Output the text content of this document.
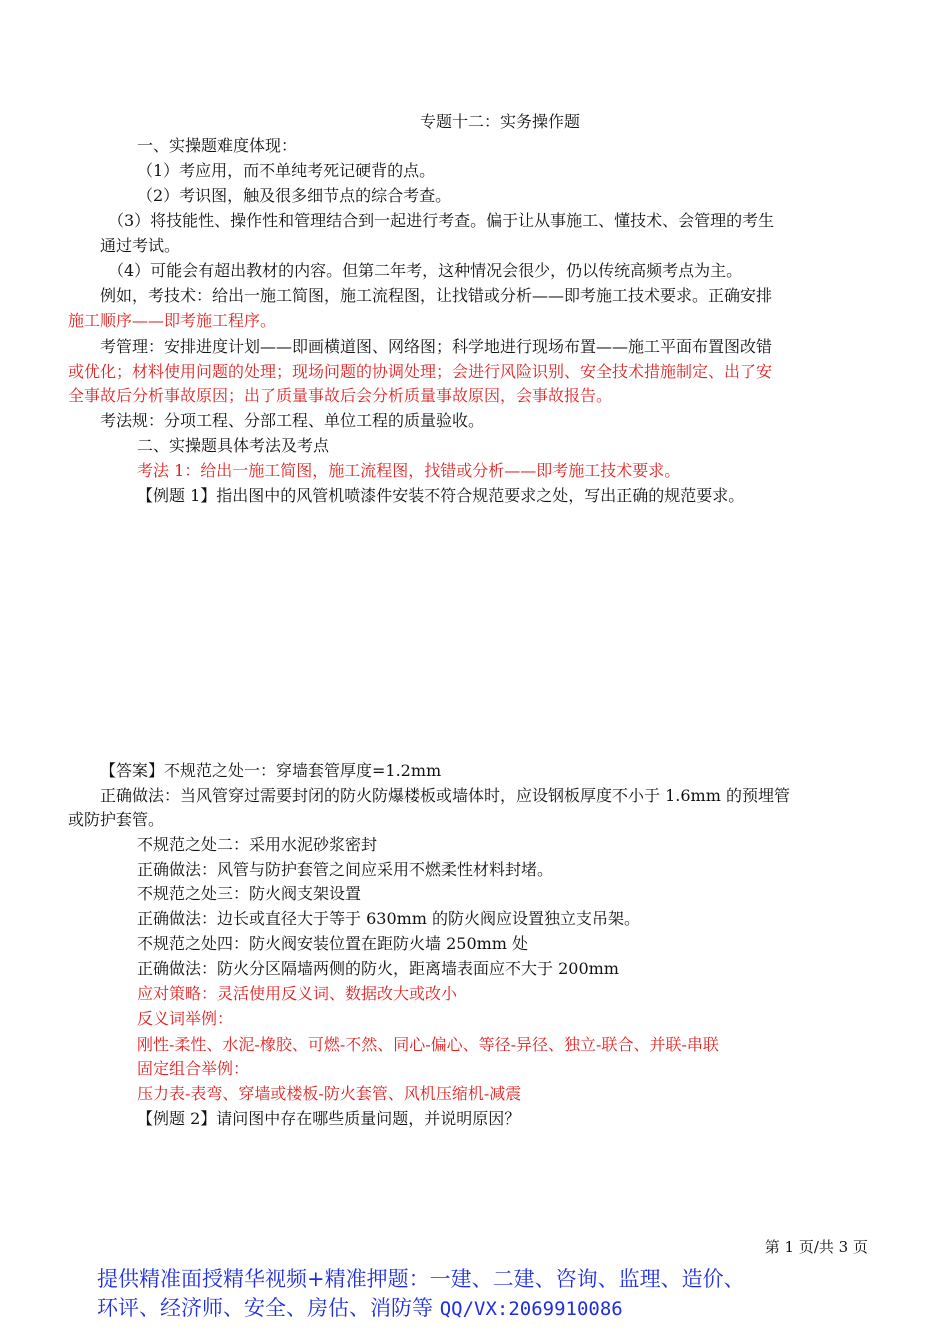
专题十二：实务操作题
一、实操题难度体现：
（1）考应用，而不单纯考死记硬背的点。
（2）考识图，触及很多细节点的综合考查。
（3）将技能性、操作性和管理结合到一起进行考查。偏于让从事施工、懂技术、会管理的考生
通过考试。
（4）可能会有超出教材的内容。但第二年考，这种情况会很少，仍以传统高频考点为主。
例如，考技术：给出一施工简图，施工流程图，让找错或分析——即考施工技术要求。正确安排
施工顺序——即考施工程序。
考管理：安排进度计划——即画横道图、网络图；科学地进行现场布置——施工平面布置图改错
或优化；材料使用问题的处理；现场问题的协调处理；会进行风险识别、安全技术措施制定、出了安
全事故后分析事故原因；出了质量事故后会分析质量事故原因，会事故报告。
考法规：分项工程、分部工程、单位工程的质量验收。
二、实操题具体考法及考点
考法 1：给出一施工简图，施工流程图，找错或分析——即考施工技术要求。
【例题 1】指出图中的风管机喷漆件安装不符合规范要求之处，写出正确的规范要求。
【答案】不规范之处一：穿墙套管厚度=1.2mm
正确做法：当风管穿过需要封闭的防火防爆楼板或墙体时，应设钢板厚度不小于 1.6mm 的预埋管
或防护套管。
不规范之处二：采用水泥砂浆密封
正确做法：风管与防护套管之间应采用不燃柔性材料封堵。
不规范之处三：防火阀支架设置
正确做法：边长或直径大于等于 630mm 的防火阀应设置独立支吊架。
不规范之处四：防火阀安装位置在距防火墙 250mm 处
正确做法：防火分区隔墙两侧的防火，距离墙表面应不大于 200mm
应对策略：灵活使用反义词、数据改大或改小
反义词举例：
刚性-柔性、水泥-橡胶、可燃-不然、同心-偏心、等径-异径、独立-联合、并联-串联
固定组合举例：
压力表-表弯、穿墙或楼板-防火套管、风机压缩机-减震
【例题 2】请问图中存在哪些质量问题，并说明原因？
第 1 页/共 3 页
提供精准面授精华视频+精准押题：一建、二建、咨询、监理、造价、
环评、经济师、安全、房估、消防等 QQ/VX:2069910086
